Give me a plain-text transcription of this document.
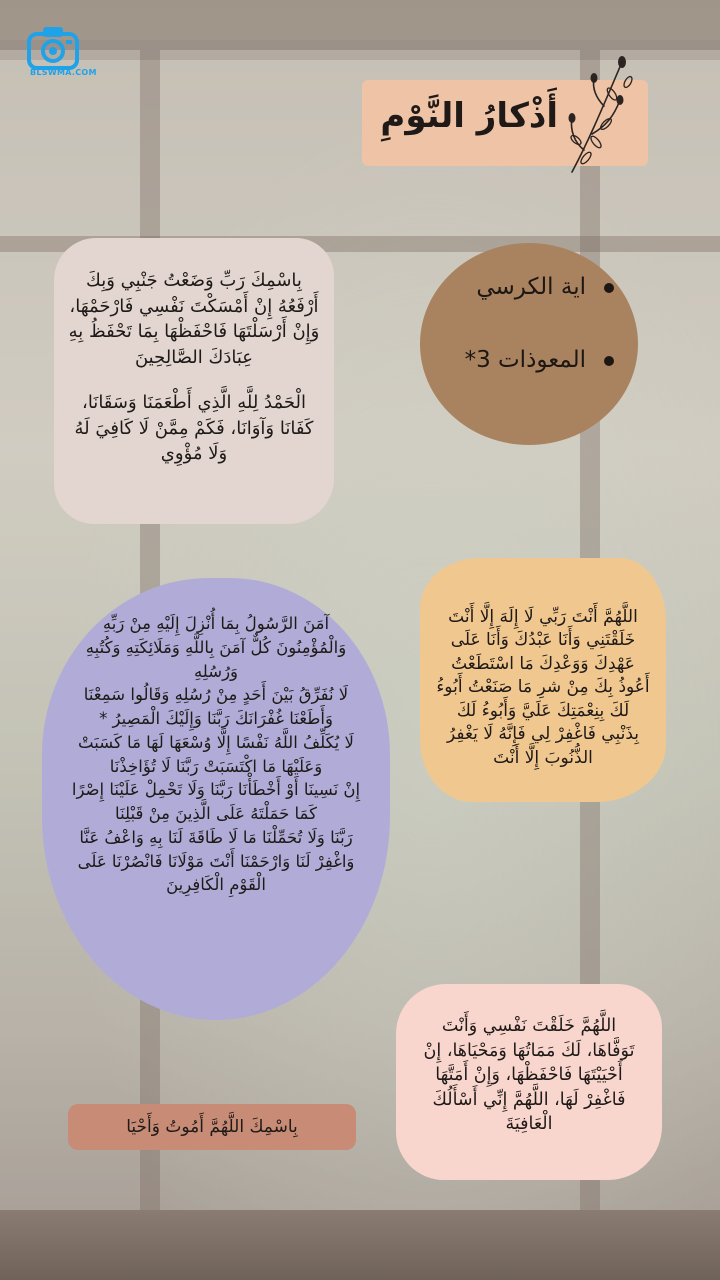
BLSWMA.COM
أَذْكارُ النَّوْمِ

بِاسْمِكَ رَبِّ وَضَعْتُ جَنْبِي وَبِكَ أَرْفَعُهُ إِنْ أَمْسَكْتَ نَفْسِي فَارْحَمْهَا، وَإِنْ أَرْسَلْتَهَا فَاحْفَظْهَا بِمَا تَحْفَظُ بِهِ عِبَادَكَ الصَّالِحِينَ

الْحَمْدُ لِلَّهِ الَّذِي أَطْعَمَنَا وَسَقَانَا، كَفَانَا وَآوَانَا، فَكَمْ مِمَّنْ لَا كَافِيَ لَهُ وَلَا مُؤْوِي

اية الكرسي
المعوذات 3*

اللَّهُمَّ أَنْتَ رَبِّي لَا إِلَهَ إِلَّا أَنْتَ خَلَقْتَنِي وَأَنَا عَبْدُكَ وَأَنَا عَلَى عَهْدِكَ وَوَعْدِكَ مَا اسْتَطَعْتُ أَعُوذُ بِكَ مِنْ شرِ مَا صَنَعْتُ أَبُوءُ لَكَ بِنِعْمَتِكَ عَلَيَّ وَأَبُوءُ لَكَ بِذَنْبِي فَاغْفِرْ لِي فَإِنَّهُ لَا يَغْفِرُ الذُّنُوبَ إِلَّا أَنْتَ

آمَنَ الرَّسُولُ بِمَا أُنْزِلَ إِلَيْهِ مِنْ رَبِّهِ وَالْمُؤْمِنُونَ كُلٌّ آمَنَ بِاللَّهِ وَمَلَائِكَتِهِ وَكُتُبِهِ وَرُسُلِهِ

لَا نُفَرِّقُ بَيْنَ أَحَدٍ مِنْ رُسُلِهِ وَقَالُوا سَمِعْنَا وَأَطَعْنَا غُفْرَانَكَ رَبَّنَا وَإِلَيْكَ الْمَصِيرُ *

لَا يُكَلِّفُ اللَّهُ نَفْسًا إِلَّا وُسْعَهَا لَهَا مَا كَسَبَتْ وَعَلَيْهَا مَا اكْتَسَبَتْ رَبَّنَا لَا تُؤَاخِذْنَا

إِنْ نَسِينَا أَوْ أَخْطَأْنَا رَبَّنَا وَلَا تَحْمِلْ عَلَيْنَا إِصْرًا كَمَا حَمَلْتَهُ عَلَى الَّذِينَ مِنْ قَبْلِنَا

رَبَّنَا وَلَا تُحَمِّلْنَا مَا لَا طَاقَةَ لَنَا بِهِ وَاعْفُ عَنَّا وَاغْفِرْ لَنَا وَارْحَمْنَا أَنْتَ مَوْلَانَا فَانْصُرْنَا عَلَى الْقَوْمِ الْكَافِرِينَ

اللَّهُمَّ خَلَقْتَ نَفْسِي وَأَنْتَ تَوَفَّاهَا، لَكَ مَمَاتُهَا وَمَحْيَاهَا، إِنْ أَحْيَيْتَهَا فَاحْفَظْهَا، وَإِنْ أَمَتَّهَا فَاغْفِرْ لَهَا، اللَّهُمَّ إِنِّي أَسْأَلُكَ الْعَافِيَةَ

بِاسْمِكَ اللَّهُمَّ أَمُوتُ وَأَحْيَا
